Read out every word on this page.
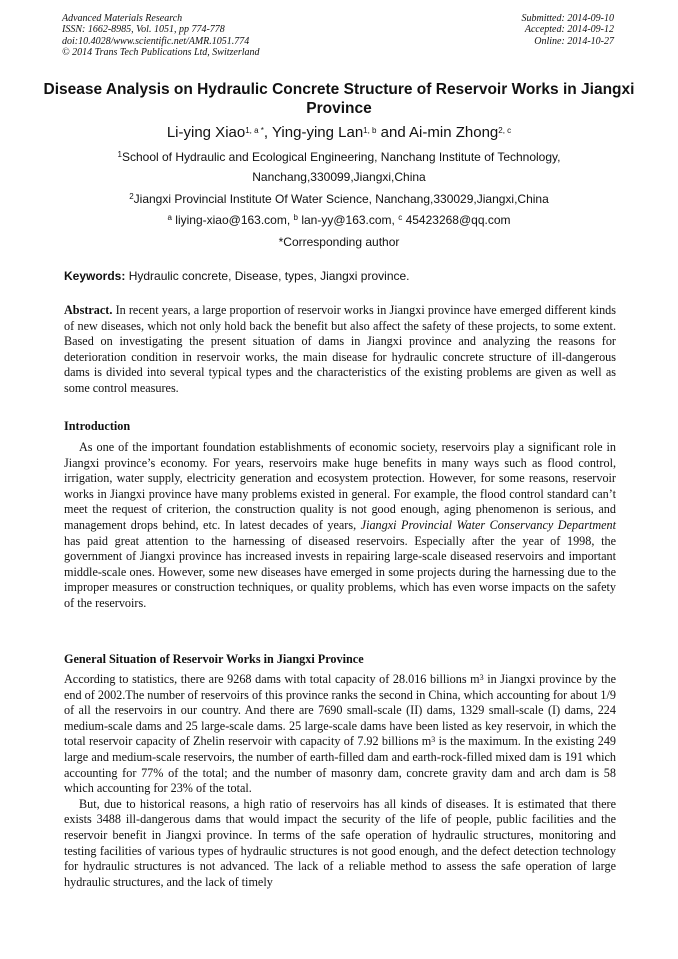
Advanced Materials Research
ISSN: 1662-8985, Vol. 1051, pp 774-778
doi:10.4028/www.scientific.net/AMR.1051.774
© 2014 Trans Tech Publications Ltd, Switzerland
Submitted: 2014-09-10
Accepted: 2014-09-12
Online: 2014-10-27
Disease Analysis on Hydraulic Concrete Structure of Reservoir Works in Jiangxi Province
Li-ying Xiao$^{1, a *}$, Ying-ying Lan$^{1, b}$ and Ai-min Zhong$^{2, c}$
$^1$School of Hydraulic and Ecological Engineering, Nanchang Institute of Technology,
Nanchang,330099,Jiangxi,China
$^2$Jiangxi Provincial Institute Of Water Science, Nanchang,330029,Jiangxi,China
$^a$ liying-xiao@163.com, $^b$ lan-yy@163.com, $^c$ 45423268@qq.com
*Corresponding author
Keywords: Hydraulic concrete, Disease, types, Jiangxi province.

Abstract. In recent years, a large proportion of reservoir works in Jiangxi province have emerged different kinds of new diseases, which not only hold back the benefit but also affect the safety of these projects, to some extent. Based on investigating the present situation of dams in Jiangxi province and analyzing the reasons for deterioration condition in reservoir works, the main disease for hydraulic concrete structure of ill-dangerous dams is divided into several typical types and the characteristics of the existing problems are given as well as some control measures.

Introduction

As one of the important foundation establishments of economic society, reservoirs play a significant role in Jiangxi province’s economy. For years, reservoirs make huge benefits in many ways such as flood control, irrigation, water supply, electricity generation and ecosystem protection. However, for some reasons, reservoir works in Jiangxi province have many problems existed in general. For example, the flood control standard can’t meet the request of criterion, the construction quality is not good enough, aging phenomenon is serious, and management drops behind, etc. In latest decades of years, Jiangxi Provincial Water Conservancy Department has paid great attention to the harnessing of diseased reservoirs. Especially after the year of 1998, the government of Jiangxi province has increased invests in repairing large-scale diseased reservoirs and important middle-scale ones. However, some new diseases have emerged in some projects during the harnessing due to the improper measures or construction techniques, or quality problems, which has even worse impacts on the safety of the reservoirs.

General Situation of Reservoir Works in Jiangxi Province

According to statistics, there are 9268 dams with total capacity of 28.016 billions $m^3$ in Jiangxi province by the end of 2002.The number of reservoirs of this province ranks the second in China, which accounting for about 1/9 of all the reservoirs in our country. And there are 7690 small-scale (II) dams, 1329 small-scale (I) dams, 224 medium-scale dams and 25 large-scale dams. 25 large-scale dams have been listed as key reservoir, in which the total reservoir capacity of Zhelin reservoir with capacity of 7.92 billions $m^3$ is the maximum. In the existing 249 large and medium-scale reservoirs, the number of earth-filled dam and earth-rock-filled mixed dam is 191 which accounting for 77% of the total; and the number of masonry dam, concrete gravity dam and arch dam is 58 which accounting for 23% of the total.

But, due to historical reasons, a high ratio of reservoirs has all kinds of diseases. It is estimated that there exists 3488 ill-dangerous dams that would impact the security of the life of people, public facilities and the reservoir benefit in Jiangxi province. In terms of the safe operation of hydraulic structures, monitoring and testing facilities of various types of hydraulic structures is not good enough, and the defect detection technology for hydraulic structures is not advanced. The lack of a reliable method to assess the safe operation of large hydraulic structures, and the lack of timely
